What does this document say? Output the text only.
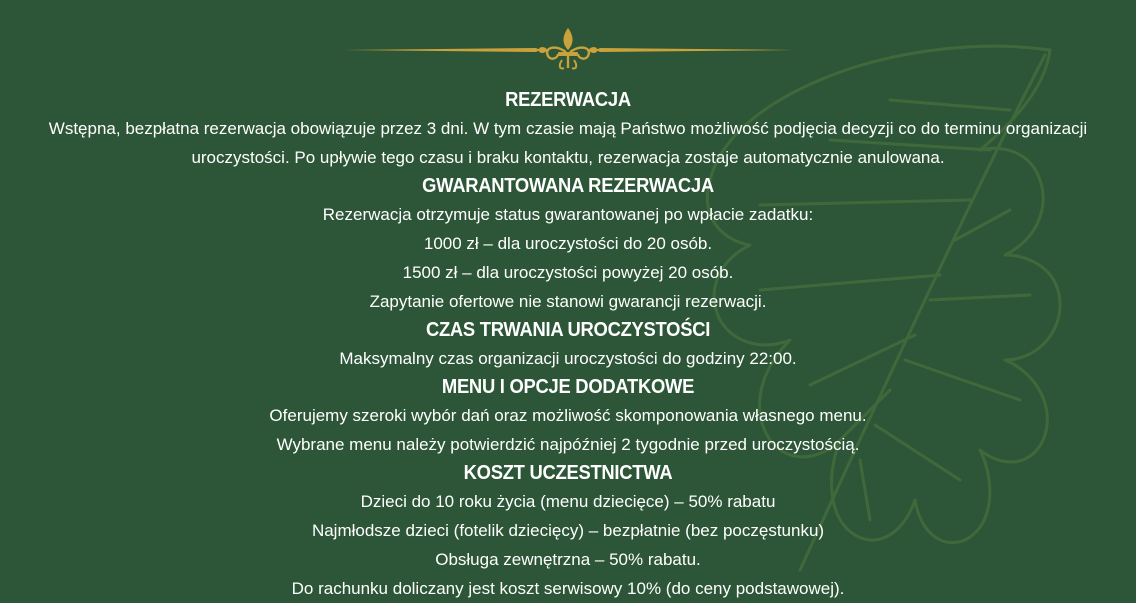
REZERWACJA

Wstępna, bezpłatna rezerwacja obowiązuje przez 3 dni. W tym czasie mają Państwo możliwość podjęcia decyzji co do terminu organizacji

uroczystości. Po upływie tego czasu i braku kontaktu, rezerwacja zostaje automatycznie anulowana.

GWARANTOWANA REZERWACJA

Rezerwacja otrzymuje status gwarantowanej po wpłacie zadatku:

1000 zł – dla uroczystości do 20 osób.

1500 zł – dla uroczystości powyżej 20 osób.

Zapytanie ofertowe nie stanowi gwarancji rezerwacji.

CZAS TRWANIA UROCZYSTOŚCI

Maksymalny czas organizacji uroczystości do godziny 22:00.

MENU I OPCJE DODATKOWE

Oferujemy szeroki wybór dań oraz możliwość skomponowania własnego menu.

Wybrane menu należy potwierdzić najpóźniej 2 tygodnie przed uroczystością.

KOSZT UCZESTNICTWA

Dzieci do 10 roku życia (menu dziecięce) – 50% rabatu

Najmłodsze dzieci (fotelik dziecięcy) – bezpłatnie (bez poczęstunku)

Obsługa zewnętrzna – 50% rabatu.

Do rachunku doliczany jest koszt serwisowy 10% (do ceny podstawowej).
